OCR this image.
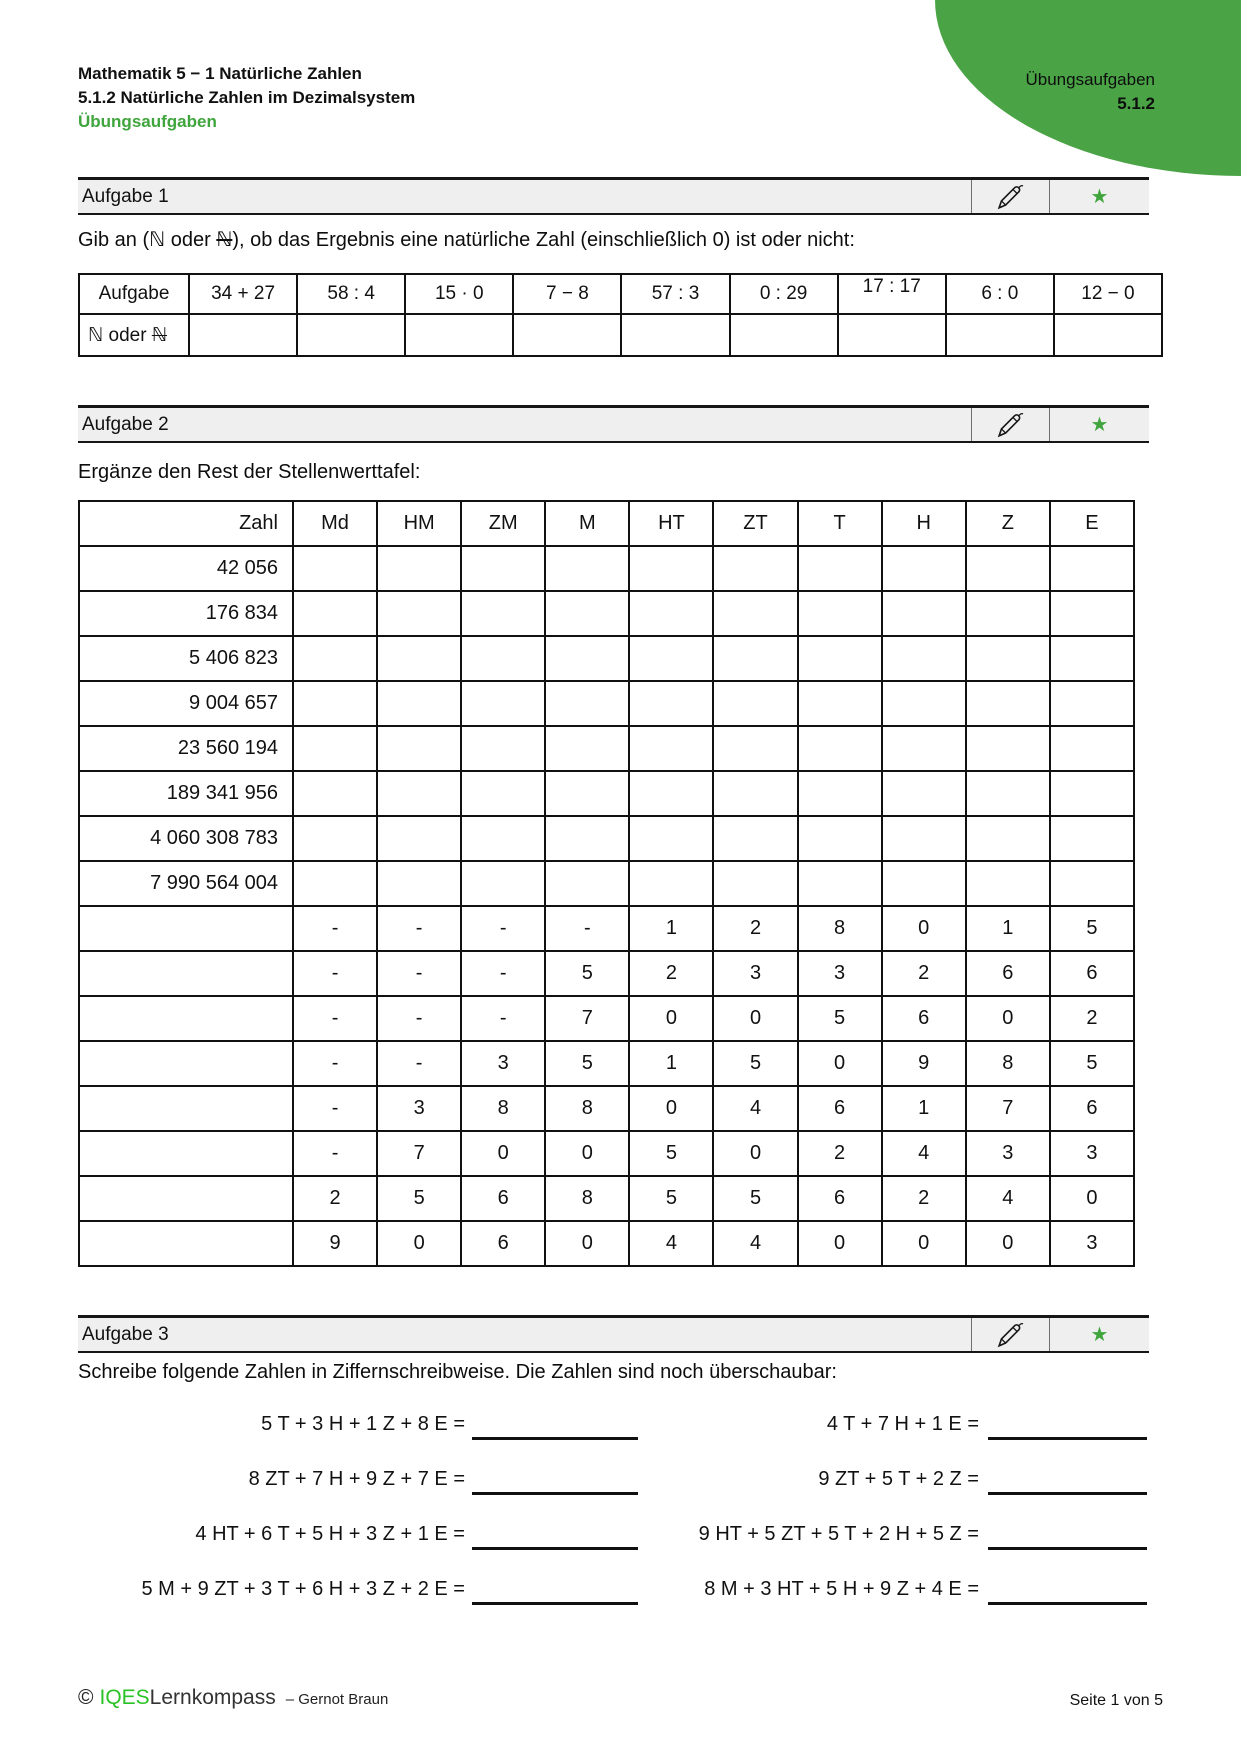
Übungsaufgaben
5.1.2
Mathematik 5 − 1 Natürliche Zahlen
5.1.2 Natürliche Zahlen im Dezimalsystem
Übungsaufgaben
Aufgabe 1	★
Aufgabe 2	★
Aufgabe 3	★
Gib an (ℕ oder ℕ), ob das Ergebnis eine natürliche Zahl (einschließlich 0) ist oder nicht:
Aufgabe	34 + 27	58 : 4	15 · 0	7 − 8	57 : 3	0 : 29	17 : 17	6 : 0	12 − 0
ℕ oder ℕ									
Ergänze den Rest der Stellenwerttafel:
Zahl	Md	HM	ZM	M	HT	ZT	T	H	Z	E
42 056										
176 834										
5 406 823										
9 004 657										
23 560 194										
189 341 956										
4 060 308 783										
7 990 564 004										
	-	-	-	-	1	2	8	0	1	5
	-	-	-	5	2	3	3	2	6	6
	-	-	-	7	0	0	5	6	0	2
	-	-	3	5	1	5	0	9	8	5
	-	3	8	8	0	4	6	1	7	6
	-	7	0	0	5	0	2	4	3	3
	2	5	6	8	5	5	6	2	4	0
	9	0	6	0	4	4	0	0	0	3
Schreibe folgende Zahlen in Ziffernschreibweise. Die Zahlen sind noch überschaubar:
5 T + 3 H + 1 Z + 8 E =	4 T + 7 H + 1 E =
8 ZT + 7 H + 9 Z + 7 E =	9 ZT + 5 T + 2 Z =
4 HT + 6 T + 5 H + 3 Z + 1 E =	9 HT + 5 ZT + 5 T + 2 H + 5 Z =
5 M + 9 ZT + 3 T + 6 H + 3 Z + 2 E =	8 M + 3 HT + 5 H + 9 Z + 4 E =
© IQESLernkompass – Gernot Braun	Seite 1 von 5
